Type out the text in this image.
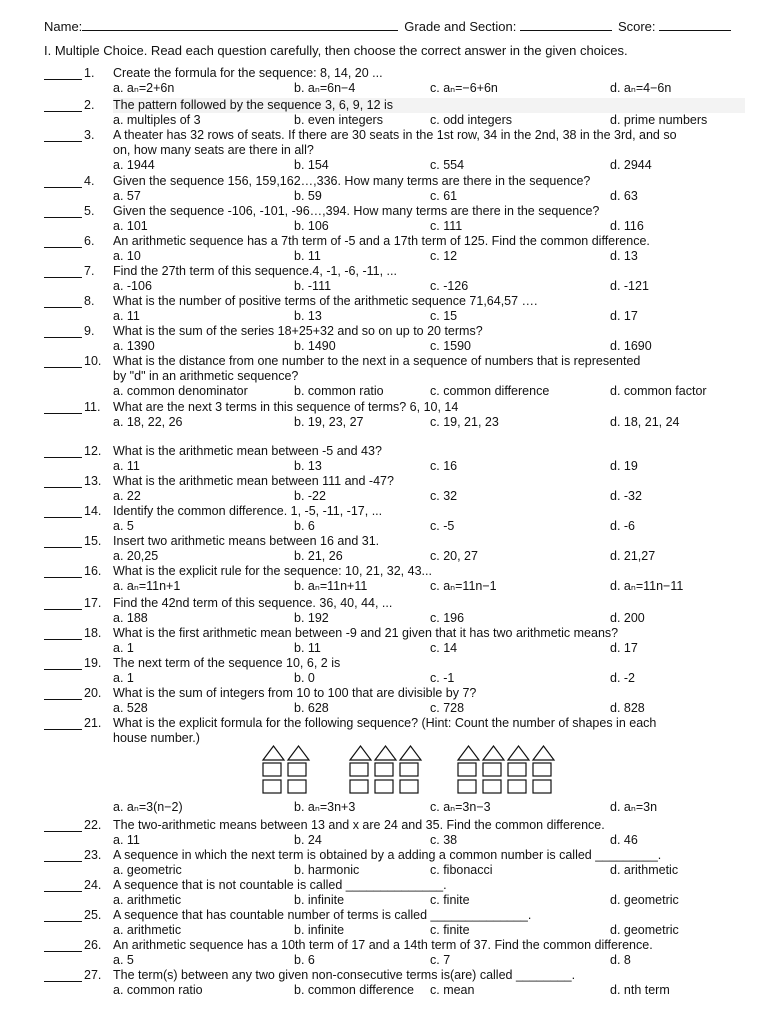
Name:	Grade and Section:	Score:
I. Multiple Choice. Read each question carefully, then choose the correct answer in the given choices.
1. Create the formula for the sequence: 8, 14, 20 ...
a. aₙ=2+6n	b. aₙ=6n−4	c. aₙ=−6+6n	d. aₙ=4−6n
2. The pattern followed by the sequence 3, 6, 9, 12 is
a. multiples of 3	b. even integers	c. odd integers	d. prime numbers
3. A theater has 32 rows of seats. If there are 30 seats in the 1st row, 34 in the 2nd, 38 in the 3rd, and so
on, how many seats are there in all?
a. 1944	b. 154	c. 554	d. 2944
4. Given the sequence 156, 159,162…,336. How many terms are there in the sequence?
a. 57	b. 59	c. 61	d. 63
5. Given the sequence -106, -101, -96…,394. How many terms are there in the sequence?
a. 101	b. 106	c. 111	d. 116
6. An arithmetic sequence has a 7th term of -5 and a 17th term of 125. Find the common difference.
a. 10	b. 11	c. 12	d. 13
7. Find the 27th term of this sequence.4, -1, -6, -11, ...
a. -106	b. -111	c. -126	d. -121
8. What is the number of positive terms of the arithmetic sequence 71,64,57 ….
a. 11	b. 13	c. 15	d. 17
9. What is the sum of the series 18+25+32 and so on up to 20 terms?
a. 1390	b. 1490	c. 1590	d. 1690
10. What is the distance from one number to the next in a sequence of numbers that is represented
by "d" in an arithmetic sequence?
a. common denominator	b. common ratio	c. common difference	d. common factor
11. What are the next 3 terms in this sequence of terms? 6, 10, 14
a. 18, 22, 26	b. 19, 23, 27	c. 19, 21, 23	d. 18, 21, 24
12. What is the arithmetic mean between -5 and 43?
a. 11	b. 13	c. 16	d. 19
13. What is the arithmetic mean between 111 and -47?
a. 22	b. -22	c. 32	d. -32
14. Identify the common difference. 1, -5, -11, -17, ...
a. 5	b. 6	c. -5	d. -6
15. Insert two arithmetic means between 16 and 31.
a. 20,25	b. 21, 26	c. 20, 27	d. 21,27
16. What is the explicit rule for the sequence: 10, 21, 32, 43...
a. aₙ=11n+1	b. aₙ=11n+11	c. aₙ=11n−1	d. aₙ=11n−11
17. Find the 42nd term of this sequence. 36, 40, 44, ...
a. 188	b. 192	c. 196	d. 200
18. What is the first arithmetic mean between -9 and 21 given that it has two arithmetic means?
a. 1	b. 11	c. 14	d. 17
19. The next term of the sequence 10, 6, 2 is
a. 1	b. 0	c. -1	d. -2
20. What is the sum of integers from 10 to 100 that are divisible by 7?
a. 528	b. 628	c. 728	d. 828
21. What is the explicit formula for the following sequence? (Hint: Count the number of shapes in each
house number.)
a. aₙ=3(n−2)	b. aₙ=3n+3	c. aₙ=3n−3	d. aₙ=3n
22. The two-arithmetic means between 13 and x are 24 and 35. Find the common difference.
a. 11	b. 24	c. 38	d. 46
23. A sequence in which the next term is obtained by a adding a common number is called _________.
a. geometric	b. harmonic	c. fibonacci	d. arithmetic
24. A sequence that is not countable is called ______________.
a. arithmetic	b. infinite	c. finite	d. geometric
25. A sequence that has countable number of terms is called ______________.
a. arithmetic	b. infinite	c. finite	d. geometric
26. An arithmetic sequence has a 10th term of 17 and a 14th term of 37. Find the common difference.
a. 5	b. 6	c. 7	d. 8
27. The term(s) between any two given non-consecutive terms is(are) called ________.
a. common ratio	b. common difference c. mean	d. nth term
